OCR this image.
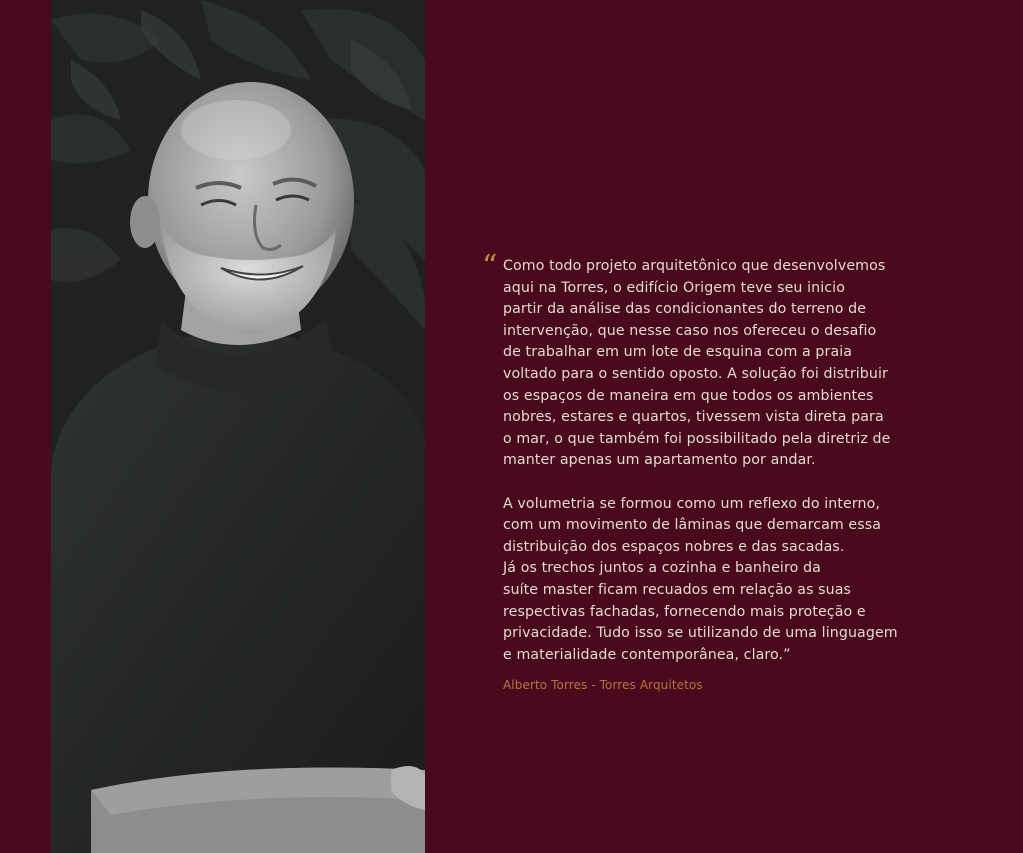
“ Como todo projeto arquitetônico que desenvolvemos
aqui na Torres, o edifício Origem teve seu inicio
partir da análise das condicionantes do terreno de
intervenção, que nesse caso nos ofereceu o desafio
de trabalhar em um lote de esquina com a praia
voltado para o sentido oposto. A solução foi distribuir
os espaços de maneira em que todos os ambientes
nobres, estares e quartos, tivessem vista direta para
o mar, o que também foi possibilitado pela diretriz de
manter apenas um apartamento por andar.

A volumetria se formou como um reflexo do interno,
com um movimento de lâminas que demarcam essa
distribuição dos espaços nobres e das sacadas.
Já os trechos juntos a cozinha e banheiro da
suíte master ficam recuados em relação as suas
respectivas fachadas, fornecendo mais proteção e
privacidade. Tudo isso se utilizando de uma linguagem
e materialidade contemporânea, claro.”

Alberto Torres - Torres Arquitetos
